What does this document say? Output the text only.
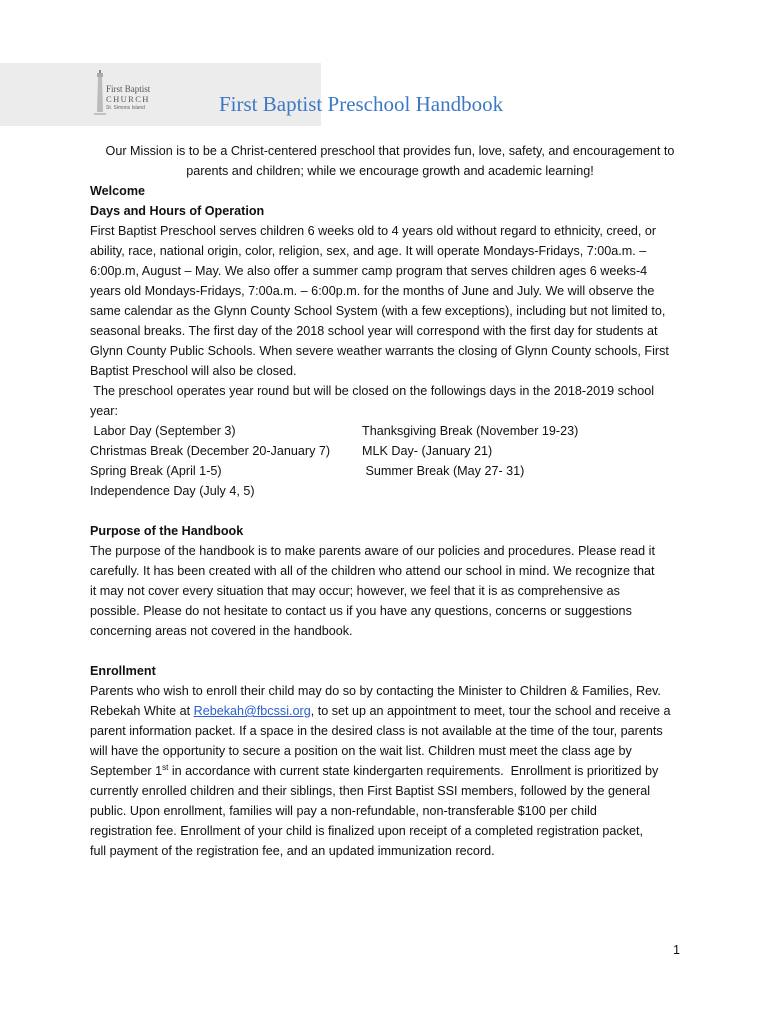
First Baptist
CHURCH
St. Simons Island	First Baptist Preschool Handbook

Our Mission is to be a Christ-centered preschool that provides fun, love, safety, and encouragement to

parents and children; while we encourage growth and academic learning!

Welcome

Days and Hours of Operation

First Baptist Preschool serves children 6 weeks old to 4 years old without regard to ethnicity, creed, or

ability, race, national origin, color, religion, sex, and age. It will operate Mondays-Fridays, 7:00a.m. –

6:00p.m, August – May. We also offer a summer camp program that serves children ages 6 weeks-4

years old Mondays-Fridays, 7:00a.m. – 6:00p.m. for the months of June and July. We will observe the

same calendar as the Glynn County School System (with a few exceptions), including but not limited to,

seasonal breaks. The first day of the 2018 school year will correspond with the first day for students at

Glynn County Public Schools. When severe weather warrants the closing of Glynn County schools, First

Baptist Preschool will also be closed.

The preschool operates year round but will be closed on the followings days in the 2018-2019 school

year:

Labor Day (September 3)	Thanksgiving Break (November 19-23)
Christmas Break (December 20-January 7)	MLK Day- (January 21)
Spring Break (April 1-5)	Summer Break (May 27- 31)
Independence Day (July 4, 5)

Purpose of the Handbook

The purpose of the handbook is to make parents aware of our policies and procedures. Please read it

carefully. It has been created with all of the children who attend our school in mind. We recognize that

it may not cover every situation that may occur; however, we feel that it is as comprehensive as

possible. Please do not hesitate to contact us if you have any questions, concerns or suggestions

concerning areas not covered in the handbook.

Enrollment

Parents who wish to enroll their child may do so by contacting the Minister to Children & Families, Rev.

Rebekah White at Rebekah@fbcssi.org, to set up an appointment to meet, tour the school and receive a

parent information packet. If a space in the desired class is not available at the time of the tour, parents

will have the opportunity to secure a position on the wait list. Children must meet the class age by

September 1st in accordance with current state kindergarten requirements.  Enrollment is prioritized by

currently enrolled children and their siblings, then First Baptist SSI members, followed by the general

public. Upon enrollment, families will pay a non-refundable, non-transferable $100 per child

registration fee. Enrollment of your child is finalized upon receipt of a completed registration packet,

full payment of the registration fee, and an updated immunization record.

1
